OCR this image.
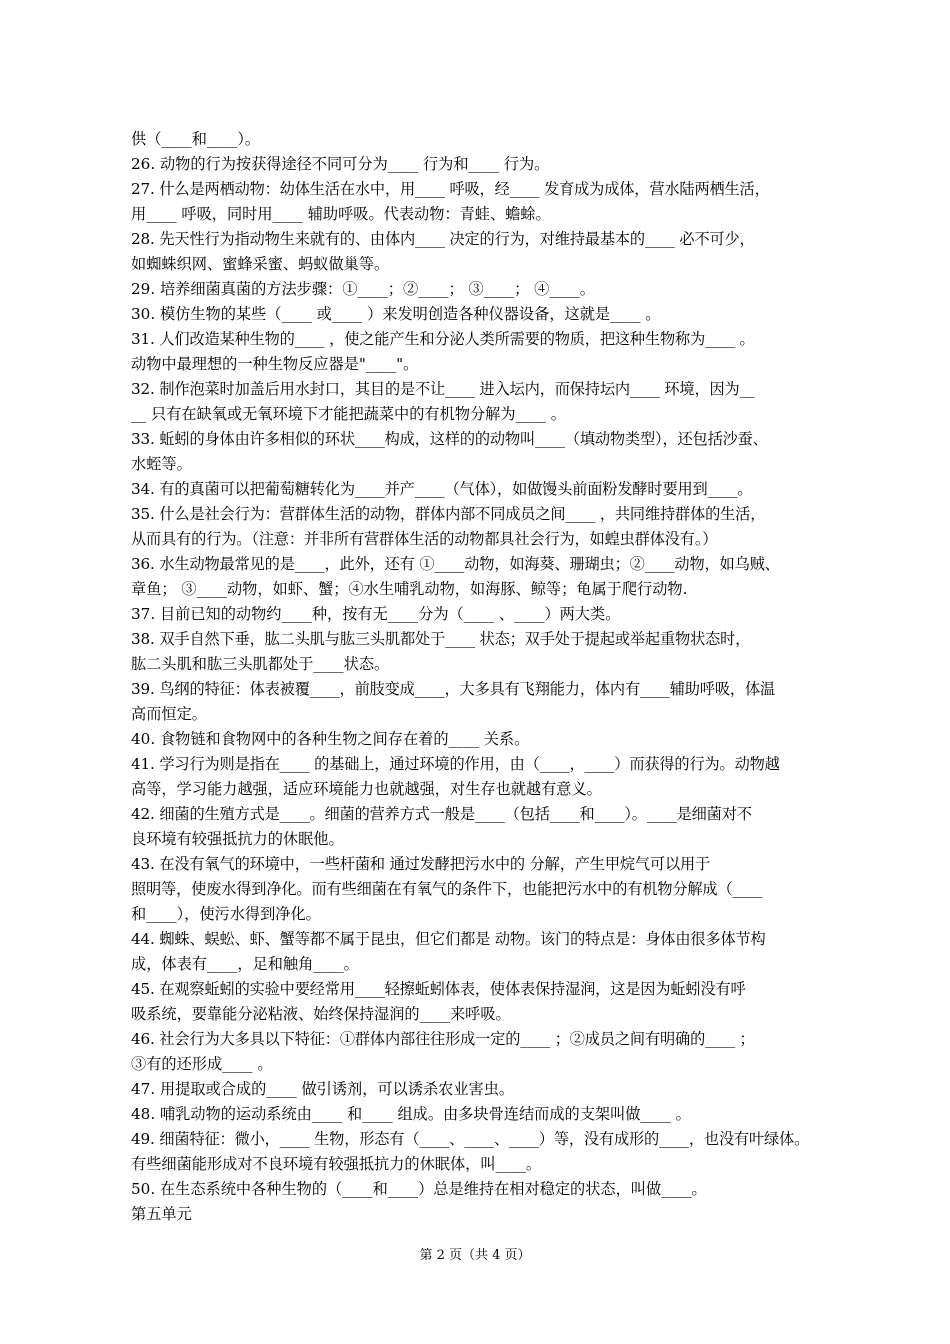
供（____和____）。
26. 动物的行为按获得途径不同可分为____ 行为和____ 行为。
27. 什么是两栖动物：幼体生活在水中，用____ 呼吸，经____ 发育成为成体，营水陆两栖生活，
用____ 呼吸，同时用____ 辅助呼吸。代表动物：青蛙、蟾蜍。
28. 先天性行为指动物生来就有的、由体内____ 决定的行为，对维持最基本的____ 必不可少，
如蜘蛛织网、蜜蜂采蜜、蚂蚁做巢等。
29. 培养细菌真菌的方法步骤：①____；②____； ③____； ④____。
30. 模仿生物的某些（____ 或____ ）来发明创造各种仪器设备，这就是____ 。
31. 人们改造某种生物的____ ，使之能产生和分泌人类所需要的物质，把这种生物称为____ 。
动物中最理想的一种生物反应器是"____"。
32. 制作泡菜时加盖后用水封口，其目的是不让____ 进入坛内，而保持坛内____ 环境，因为__
__ 只有在缺氧或无氧环境下才能把蔬菜中的有机物分解为____ 。
33. 蚯蚓的身体由许多相似的环状____构成，这样的的动物叫____（填动物类型），还包括沙蚕、
水蛭等。
34. 有的真菌可以把葡萄糖转化为____并产____（气体），如做馒头前面粉发酵时要用到____。
35. 什么是社会行为：营群体生活的动物，群体内部不同成员之间____ ，共同维持群体的生活，
从而具有的行为。（注意：并非所有营群体生活的动物都具社会行为，如蝗虫群体没有。）
36. 水生动物最常见的是____，此外，还有 ①____动物，如海葵、珊瑚虫；②____动物，如乌贼、
章鱼； ③____动物，如虾、蟹；④水生哺乳动物，如海豚、鲸等；龟属于爬行动物.
37. 目前已知的动物约____种，按有无____分为（____ 、____）两大类。
38. 双手自然下垂，肱二头肌与肱三头肌都处于____ 状态；双手处于提起或举起重物状态时，
肱二头肌和肱三头肌都处于____状态。
39. 鸟纲的特征：体表被覆____，前肢变成____，大多具有飞翔能力，体内有____辅助呼吸，体温
高而恒定。
40. 食物链和食物网中的各种生物之间存在着的____ 关系。
41. 学习行为则是指在____ 的基础上，通过环境的作用，由（____，____）而获得的行为。动物越
高等，学习能力越强，适应环境能力也就越强，对生存也就越有意义。
42. 细菌的生殖方式是____。细菌的营养方式一般是____（包括____和____）。____是细菌对不
良环境有较强抵抗力的休眠他。
43. 在没有氧气的环境中，一些杆菌和 通过发酵把污水中的 分解，产生甲烷气可以用于
照明等，使废水得到净化。而有些细菌在有氧气的条件下，也能把污水中的有机物分解成（____
和____），使污水得到净化。
44. 蜘蛛、蜈蚣、虾、蟹等都不属于昆虫，但它们都是 动物。该门的特点是：身体由很多体节构
成，体表有____，足和触角____。
45. 在观察蚯蚓的实验中要经常用____轻擦蚯蚓体表，使体表保持湿润，这是因为蚯蚓没有呼
吸系统，要靠能分泌粘液、始终保持湿润的____来呼吸。
46. 社会行为大多具以下特征：①群体内部往往形成一定的____ ；②成员之间有明确的____ ；
③有的还形成____ 。
47. 用提取或合成的____ 做引诱剂，可以诱杀农业害虫。
48. 哺乳动物的运动系统由____ 和____ 组成。由多块骨连结而成的支架叫做____ 。
49. 细菌特征：微小，____ 生物，形态有（____、____、____）等，没有成形的____，也没有叶绿体。
有些细菌能形成对不良环境有较强抵抗力的休眠体，叫____。
50. 在生态系统中各种生物的（____和____）总是维持在相对稳定的状态，叫做____。
第五单元
第 2 页（共 4 页）
